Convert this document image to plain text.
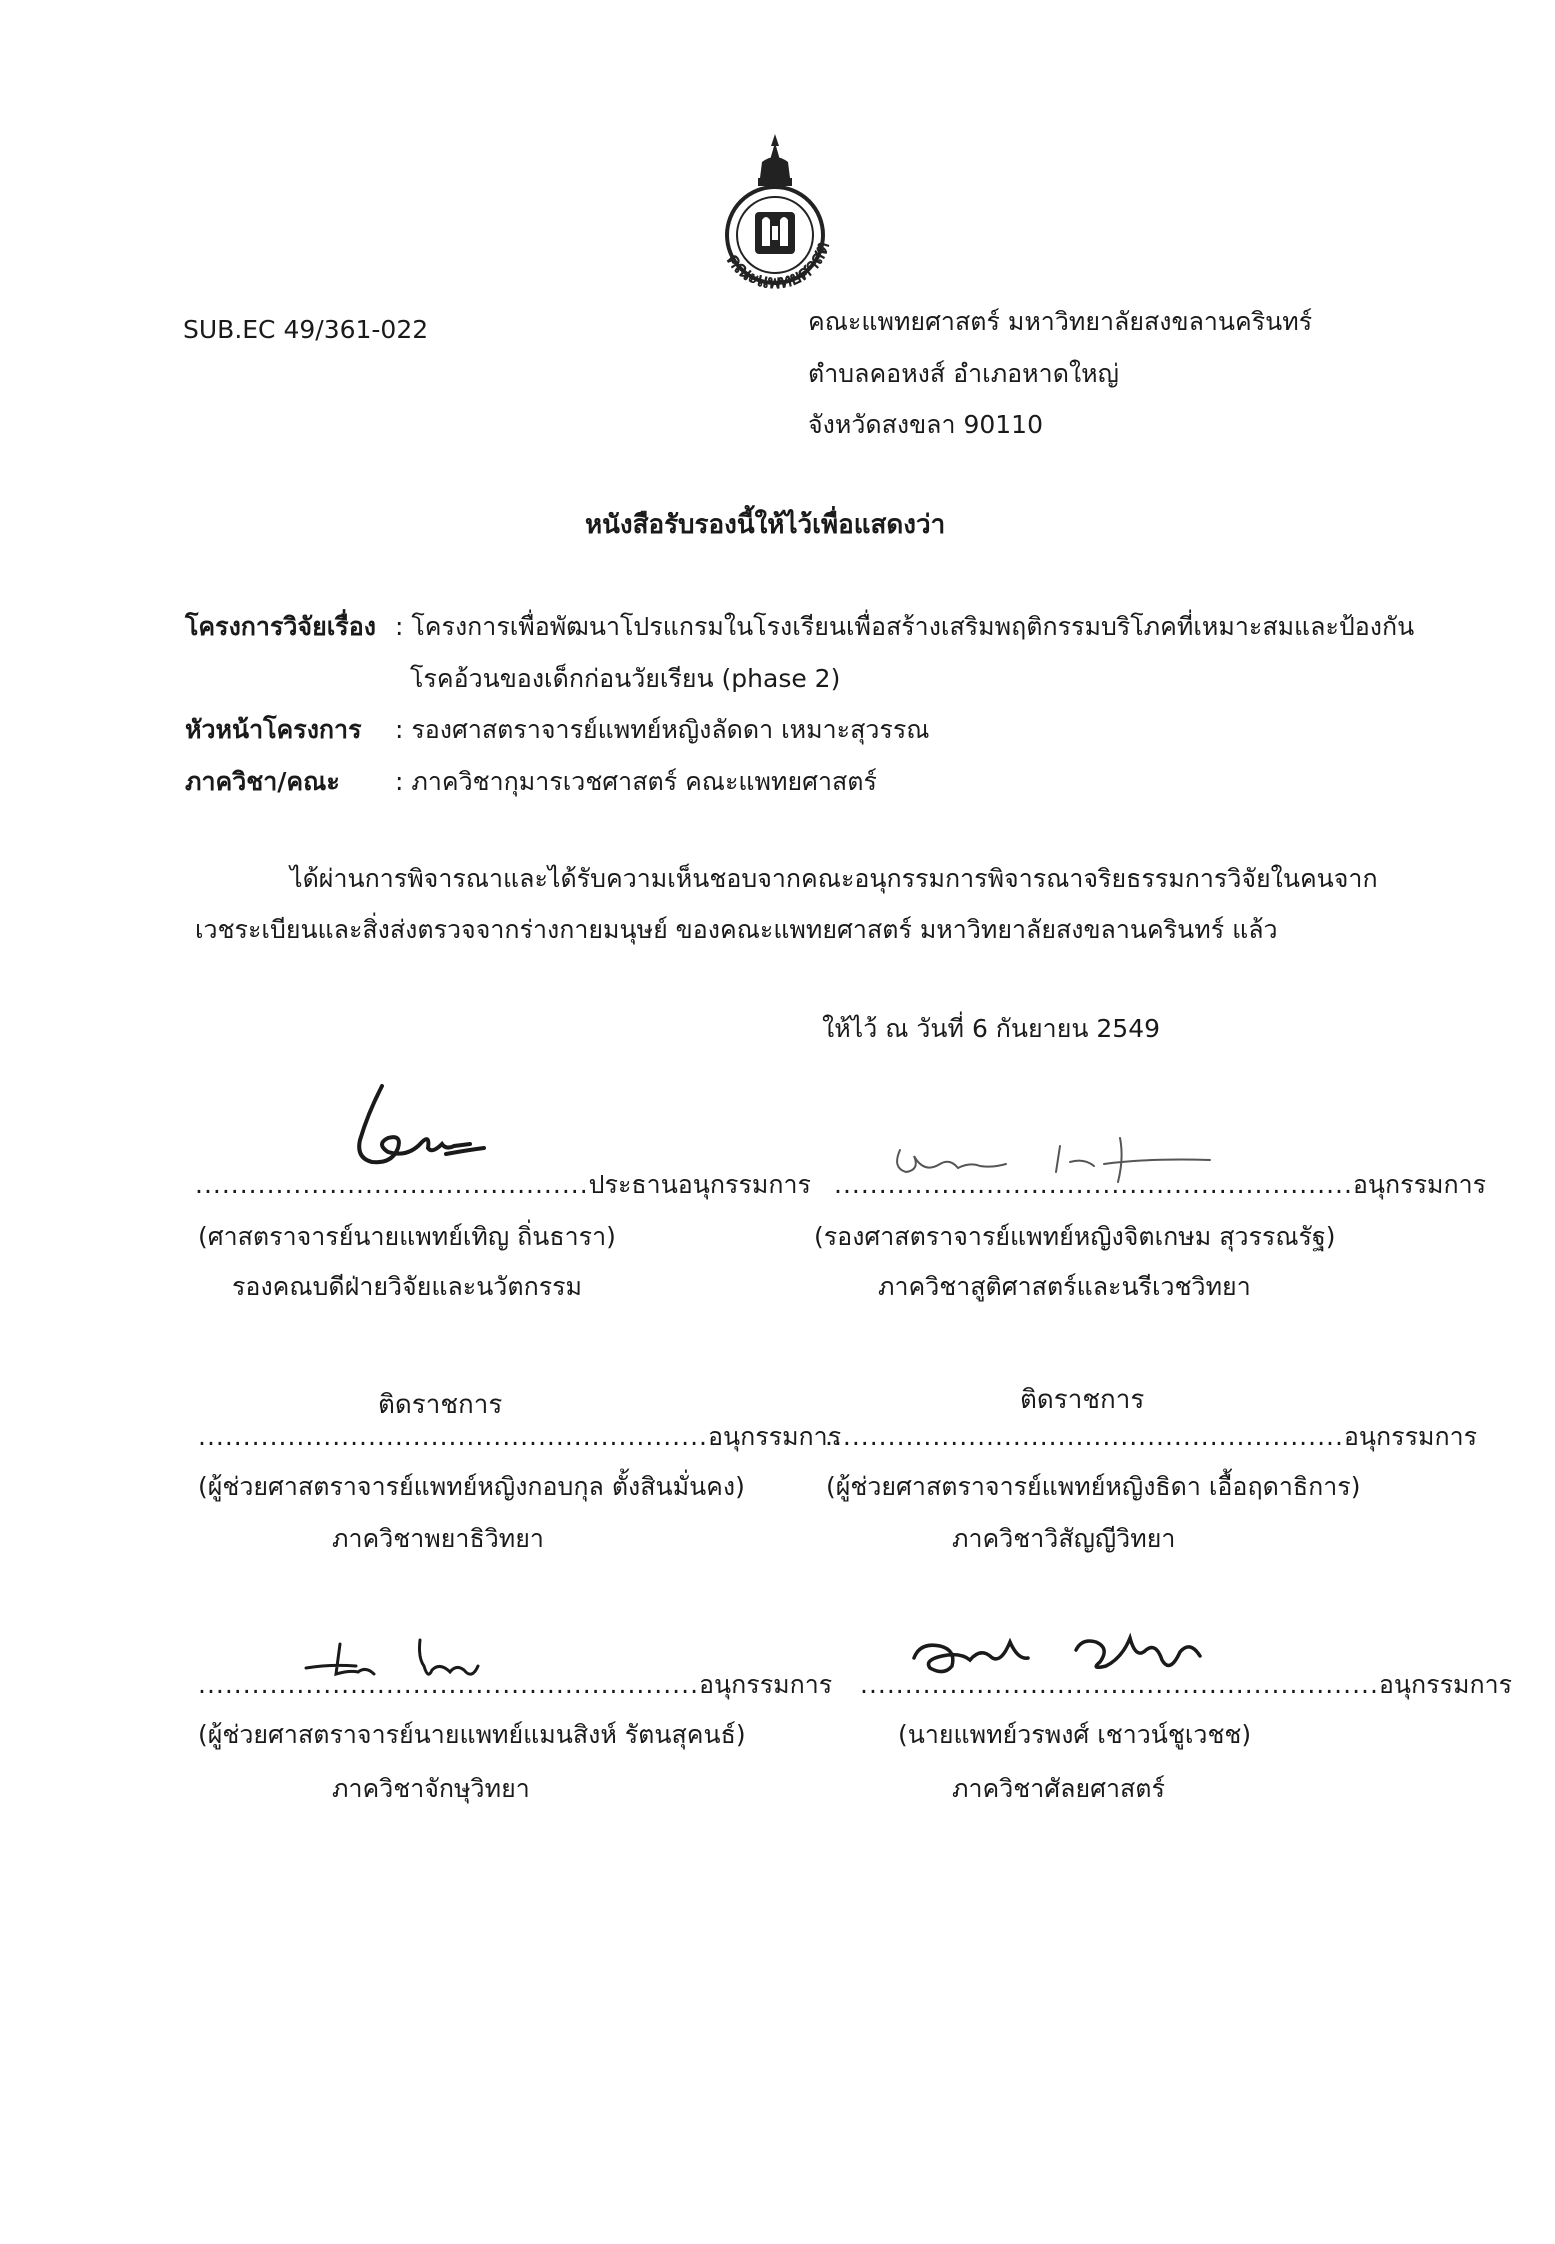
คณะแพทยศาสต
SUB.EC 49/361-022	คณะแพทยศาสตร์ มหาวิทยาลัยสงขลานครินทร์
ตำบลคอหงส์ อำเภอหาดใหญ่
จังหวัดสงขลา 90110
หนังสือรับรองนี้ให้ไว้เพื่อแสดงว่า
โครงการวิจัยเรื่อง : โครงการเพื่อพัฒนาโปรแกรมในโรงเรียนเพื่อสร้างเสริมพฤติกรรมบริโภคที่เหมาะสมและป้องกัน
โรคอ้วนของเด็กก่อนวัยเรียน (phase 2)
หัวหน้าโครงการ : รองศาสตราจารย์แพทย์หญิงลัดดา เหมาะสุวรรณ
ภาควิชา/คณะ : ภาควิชากุมารเวชศาสตร์ คณะแพทยศาสตร์
ได้ผ่านการพิจารณาและได้รับความเห็นชอบจากคณะอนุกรรมการพิจารณาจริยธรรมการวิจัยในคนจาก
เวชระเบียนและสิ่งส่งตรวจจากร่างกายมนุษย์ ของคณะแพทยศาสตร์ มหาวิทยาลัยสงขลานครินทร์ แล้ว
ให้ไว้ ณ วันที่ 6 กันยายน 2549
............................................ประธานอนุกรรมการ
(ศาสตราจารย์นายแพทย์เทิญ ถิ่นธารา)
รองคณบดีฝ่ายวิจัยและนวัตกรรม
..........................................................อนุกรรมการ
(รองศาสตราจารย์แพทย์หญิงจิตเกษม สุวรรณรัฐ)
ภาควิชาสูติศาสตร์และนรีเวชวิทยา
ติดราชการ
.........................................................อนุกรรมการ
(ผู้ช่วยศาสตราจารย์แพทย์หญิงกอบกุล ตั้งสินมั่นคง)
ภาควิชาพยาธิวิทยา
ติดราชการ
..........................................................อนุกรรมการ
(ผู้ช่วยศาสตราจารย์แพทย์หญิงธิดา เอื้อฤดาธิการ)
ภาควิชาวิสัญญีวิทยา
........................................................อนุกรรมการ
(ผู้ช่วยศาสตราจารย์นายแพทย์แมนสิงห์ รัตนสุคนธ์)
ภาควิชาจักษุวิทยา
..........................................................อนุกรรมการ
(นายแพทย์วรพงศ์ เชาวน์ชูเวชช)
ภาควิชาศัลยศาสตร์
